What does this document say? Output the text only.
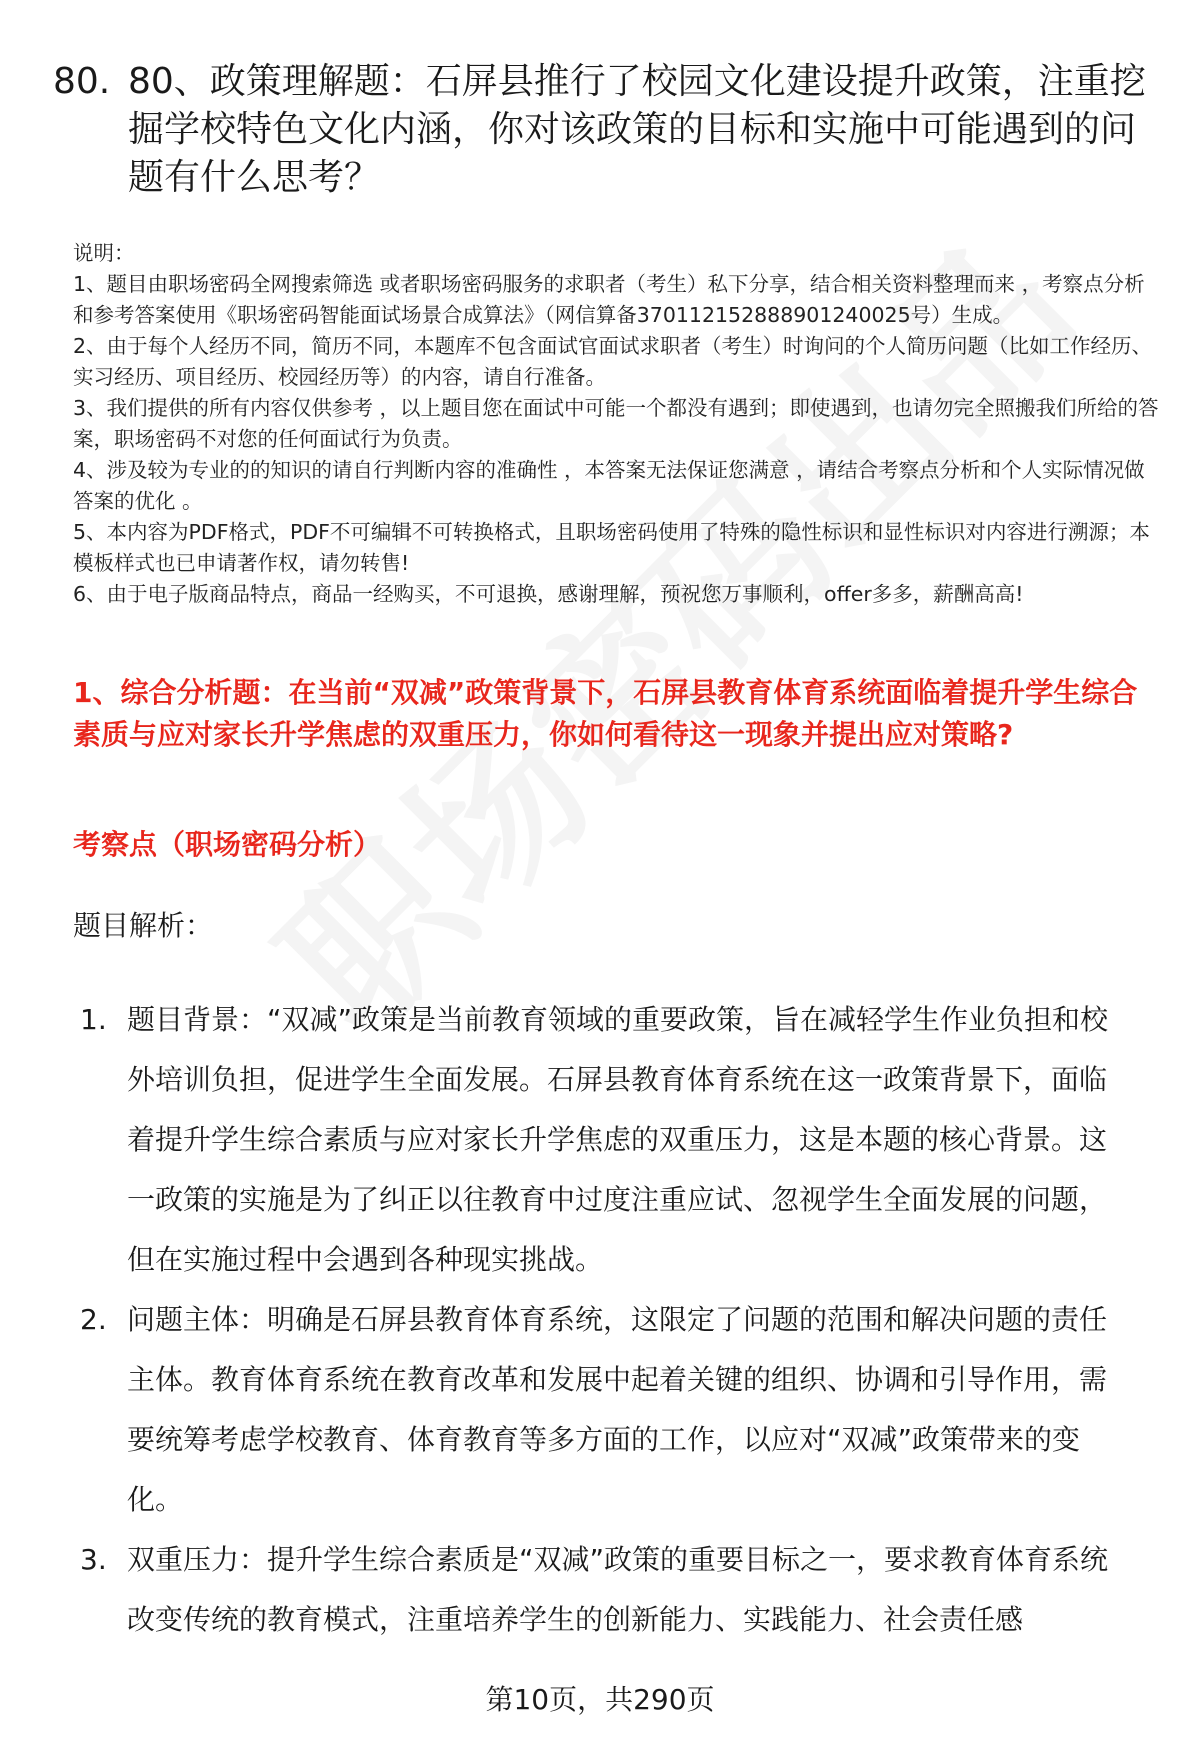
80. 80、政策理解题：石屏县推行了校园文化建设提升政策，注重挖掘学校特色文化内涵，你对该政策的目标和实施中可能遇到的问题有什么思考？

说明：

1、题目由职场密码全网搜索筛选 或者职场密码服务的求职者（考生）私下分享，结合相关资料整理而来 ，考察点分析和参考答案使用《职场密码智能面试场景合成算法》（网信算备370112152888901240025号）生成。

2、由于每个人经历不同，简历不同，本题库不包含面试官面试求职者（考生）时询问的个人简历问题（比如工作经历、实习经历、项目经历、校园经历等）的内容，请自行准备。

3、我们提供的所有内容仅供参考 ，以上题目您在面试中可能一个都没有遇到；即使遇到，也请勿完全照搬我们所给的答案，职场密码不对您的任何面试行为负责。

4、涉及较为专业的的知识的请自行判断内容的准确性 ，本答案无法保证您满意 ，请结合考察点分析和个人实际情况做答案的优化 。

5、本内容为PDF格式，PDF不可编辑不可转换格式，且职场密码使用了特殊的隐性标识和显性标识对内容进行溯源；本模板样式也已申请著作权，请勿转售!

6、由于电子版商品特点，商品一经购买，不可退换，感谢理解，预祝您万事顺利，offer多多，薪酬高高!

1、综合分析题：在当前“双减”政策背景下，石屏县教育体育系统面临着提升学生综合素质与应对家长升学焦虑的双重压力，你如何看待这一现象并提出应对策略?
考察点（职场密码分析）
题目解析：
1. 题目背景：“双减”政策是当前教育领域的重要政策，旨在减轻学生作业负担和校外培训负担，促进学生全面发展。石屏县教育体育系统在这一政策背景下，面临着提升学生综合素质与应对家长升学焦虑的双重压力，这是本题的核心背景。这一政策的实施是为了纠正以往教育中过度注重应试、忽视学生全面发展的问题，但在实施过程中会遇到各种现实挑战。
2. 问题主体：明确是石屏县教育体育系统，这限定了问题的范围和解决问题的责任主体。教育体育系统在教育改革和发展中起着关键的组织、协调和引导作用，需要统筹考虑学校教育、体育教育等多方面的工作，以应对“双减”政策带来的变化。
3. 双重压力：提升学生综合素质是“双减”政策的重要目标之一，要求教育体育系统改变传统的教育模式，注重培养学生的创新能力、实践能力、社会责任感
第10页，共290页
